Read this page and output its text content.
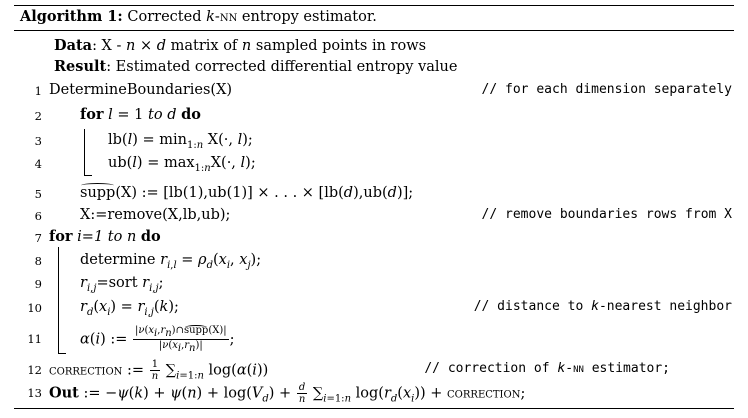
Algorithm 1: Corrected k-nn entropy estimator.
Data: X - n × d matrix of n sampled points in rows
Result: Estimated corrected differential entropy value
1 DetermineBoundaries(X)	// for each dimension separately
2	for l = 1 to d do
3	$lb(l) = \min_{1:n} X(\cdot$, l);
4	$ub(l) = \max_{1:n}X(\cdot$, l);
5	supp(X) := [lb(1),ub(1)] × . . . × [lb(d),ub(d)];
6	X:=remove(X,lb,ub);	// remove boundaries rows from X
7 for i=1 to n do
8	determine $r_{i,l} = \rho_d(x_i$, $x_j$);
9	$r_{i,j}=sort$ $r_{i,j}$;
10	$r_d(x_i) = r_{i,j}(k)$;	// distance to k-nearest neighbor
11	α(i) := $\frac{|\nu(x_i,r_n)\cap supp(X)|}{|\nu(x_i,r_n)|}$ ;
12 correction := $\frac{1}{n} \sum_{i=1:n}$ log(α(i))	// correction of k-nn estimator;
13 Out := $-\psi(k) + \psi(n) + \log(V_d) + \frac{d}{n} \sum_{i=1:n}$ $\log(r_d(x_i))$ + correction;
